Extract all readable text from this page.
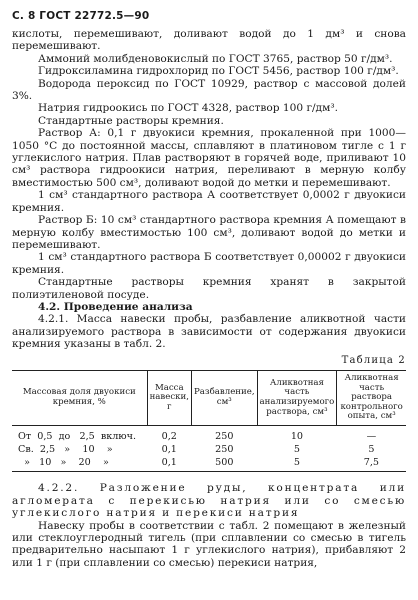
С. 8 ГОСТ 22772.5—90

кислоты, перемешивают, доливают водой до 1 дм³ и снова перемешивают.

Аммоний молибденовокислый по ГОСТ 3765, раствор 50 г/дм³.

Гидроксиламина гидрохлорид по ГОСТ 5456, раствор 100 г/дм³.

Водорода пероксид по ГОСТ 10929, раствор с массовой долей 3%.

Натрия гидроокись по ГОСТ 4328, раствор 100 г/дм³.

Стандартные растворы кремния.

Раствор А: 0,1 г двуокиси кремния, прокаленной при 1000—1050 °С до постоянной массы, сплавляют в платиновом тигле с 1 г углекислого натрия. Плав растворяют в горячей воде, приливают 10 см³ раствора гидроокиси натрия, переливают в мерную колбу вместимостью 500 см³, доливают водой до метки и перемешивают.

1 см³ стандартного раствора А соответствует 0,0002 г двуокиси кремния.

Раствор Б: 10 см³ стандартного раствора кремния А помещают в мерную колбу вместимостью 100 см³, доливают водой до метки и перемешивают.

1 см³ стандартного раствора Б соответствует 0,00002 г двуокиси кремния.

Стандартные растворы кремния хранят в закрытой полиэтиленовой посуде.

4.2. Проведение анализа

4.2.1. Масса навески пробы, разбавление аликвотной части анализируемого раствора в зависимости от содержания двуокиси кремния указаны в табл. 2.

Таблица 2
Массовая доля двуокиси кремния, %	Масса навески, г	Разбавление, см³	Аликвотная часть анализируемого раствора, см³	Аликвотная часть раствора контрольного опыта, см³
От  0,5  до   2,5  включ.	0,2	250	10	—
Св.  2,5   »    10    »	0,1	250	5	5
»   10   »    20    »	0,1	500	5	7,5

4.2.2. Разложение руды, концентрата или агломерата с перекисью натрия или со смесью углекислого натрия и перекиси натрия

Навеску пробы в соответствии с табл. 2 помещают в железный или стеклоуглеродный тигель (при сплавлении со смесью в тигель предварительно насыпают 1 г углекислого натрия), прибавляют 2 или 1 г (при сплавлении со смесью) перекиси натрия,
